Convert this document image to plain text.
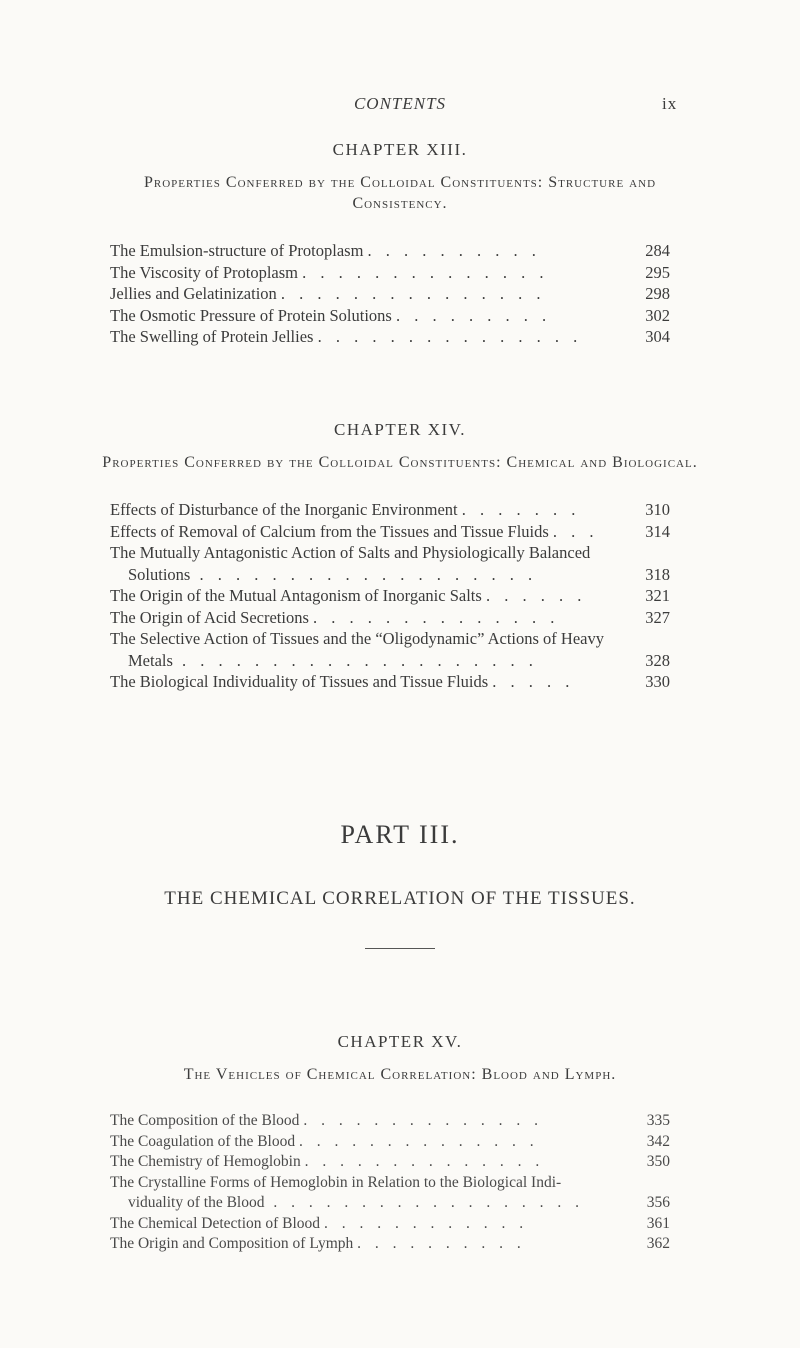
CONTENTS	ix
CHAPTER XIII.
Properties Conferred by the Colloidal Constituents: Structure and Consistency.
The Emulsion-structure of Protoplasm . . . . . . . . . .	284
The Viscosity of Protoplasm . . . . . . . . . . . . . .	295
Jellies and Gelatinization . . . . . . . . . . . . . . .	298
The Osmotic Pressure of Protein Solutions . . . . . . . . .	302
The Swelling of Protein Jellies . . . . . . . . . . . . . . .	304
CHAPTER XIV.
Properties Conferred by the Colloidal Constituents: Chemical and Biological.
Effects of Disturbance of the Inorganic Environment . . . . . . .	310
Effects of Removal of Calcium from the Tissues and Tissue Fluids . . .	314
The Mutually Antagonistic Action of Salts and Physiologically Balanced
Solutions . . . . . . . . . . . . . . . . . . .	318
The Origin of the Mutual Antagonism of Inorganic Salts . . . . . .	321
The Origin of Acid Secretions . . . . . . . . . . . . . .	327
The Selective Action of Tissues and the “Oligodynamic” Actions of Heavy
Metals . . . . . . . . . . . . . . . . . . . .	328
The Biological Individuality of Tissues and Tissue Fluids . . . . .	330
PART III.
THE CHEMICAL CORRELATION OF THE TISSUES.
CHAPTER XV.
The Vehicles of Chemical Correlation: Blood and Lymph.
The Composition of the Blood . . . . . . . . . . . . . .	335
The Coagulation of the Blood . . . . . . . . . . . . . .	342
The Chemistry of Hemoglobin . . . . . . . . . . . . . .	350
The Crystalline Forms of Hemoglobin in Relation to the Biological Indi-
viduality of the Blood . . . . . . . . . . . . . . . . . .	356
The Chemical Detection of Blood . . . . . . . . . . . .	361
The Origin and Composition of Lymph . . . . . . . . . .	362
